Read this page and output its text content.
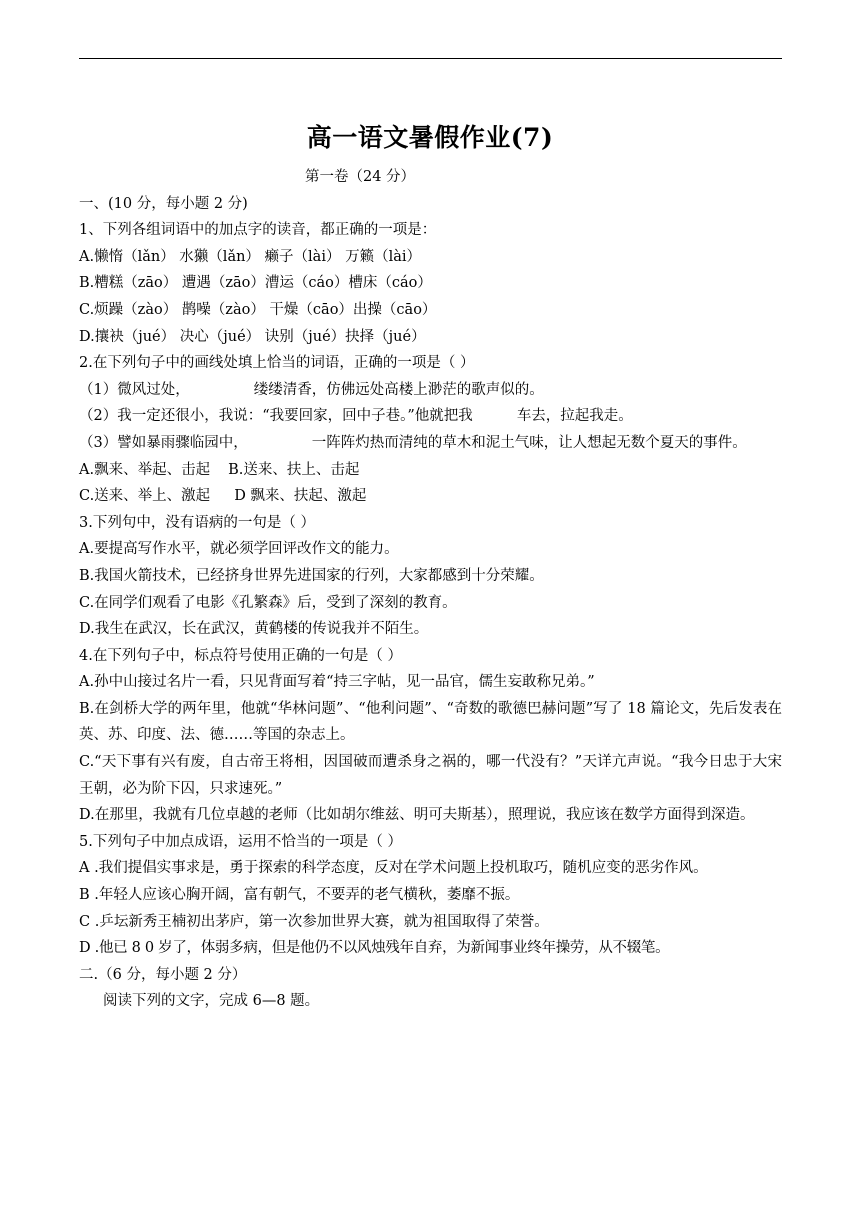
高一语文暑假作业(7)
第一卷（24 分）
一、(10 分，每小题 2 分)
1、下列各组词语中的加点字的读音，都正确的一项是：
A.懒惰（lǎn） 水獭（lǎn） 癞子（lài） 万籁（lài）
B.糟糕（zāo） 遭遇（zāo）漕运（cáo）槽床（cáo）
C.烦躁（zào） 鹊噪（zào） 干燥（cāo）出操（cāo）
D.攘袂（jué） 决心（jué） 诀别（jué）抉择（jué）
2.在下列句子中的画线处填上恰当的词语，正确的一项是（ ）
（1）微风过处，	缕缕清香，仿佛远处高楼上渺茫的歌声似的。
（2）我一定还很小，我说：“我要回家，回中子巷。”他就把我	车去，拉起我走。
（3）譬如暴雨骤临园中，	一阵阵灼热而清纯的草木和泥土气味，让人想起无数个夏天的事件。
A.飘来、举起、击起 B.送来、扶上、击起
C.送来、举上、激起 D 飘来、扶起、激起
3.下列句中，没有语病的一句是（ ）
A.要提高写作水平，就必须学回评改作文的能力。
B.我国火箭技术，已经挤身世界先进国家的行列，大家都感到十分荣耀。
C.在同学们观看了电影《孔繁森》后，受到了深刻的教育。
D.我生在武汉，长在武汉，黄鹤楼的传说我并不陌生。
4.在下列句子中，标点符号使用正确的一句是（ ）
A.孙中山接过名片一看，只见背面写着“持三字帖，见一品官，儒生妄敢称兄弟。”
B.在剑桥大学的两年里，他就“华林问题”、“他利问题”、“奇数的歌德巴赫问题”写了 18 篇论文，先后发表在英、苏、印度、法、德……等国的杂志上。
C.“天下事有兴有废，自古帝王将相，因国破而遭杀身之祸的，哪一代没有？”天详亢声说。“我今日忠于大宋王朝，必为阶下囚，只求速死。”
D.在那里，我就有几位卓越的老师（比如胡尔维兹、明可夫斯基），照理说，我应该在数学方面得到深造。
5.下列句子中加点成语，运用不恰当的一项是（ ）
A .我们提倡实事求是，勇于探索的科学态度，反对在学术问题上投机取巧，随机应变的恶劣作风。
B .年轻人应该心胸开阔，富有朝气，不要弄的老气横秋，萎靡不振。
C .乒坛新秀王楠初出茅庐，第一次参加世界大赛，就为祖国取得了荣誉。
D .他已 8 0 岁了，体弱多病，但是他仍不以风烛残年自弃，为新闻事业终年操劳，从不辍笔。
二.（6 分，每小题 2 分）
阅读下列的文字，完成 6—8 题。
